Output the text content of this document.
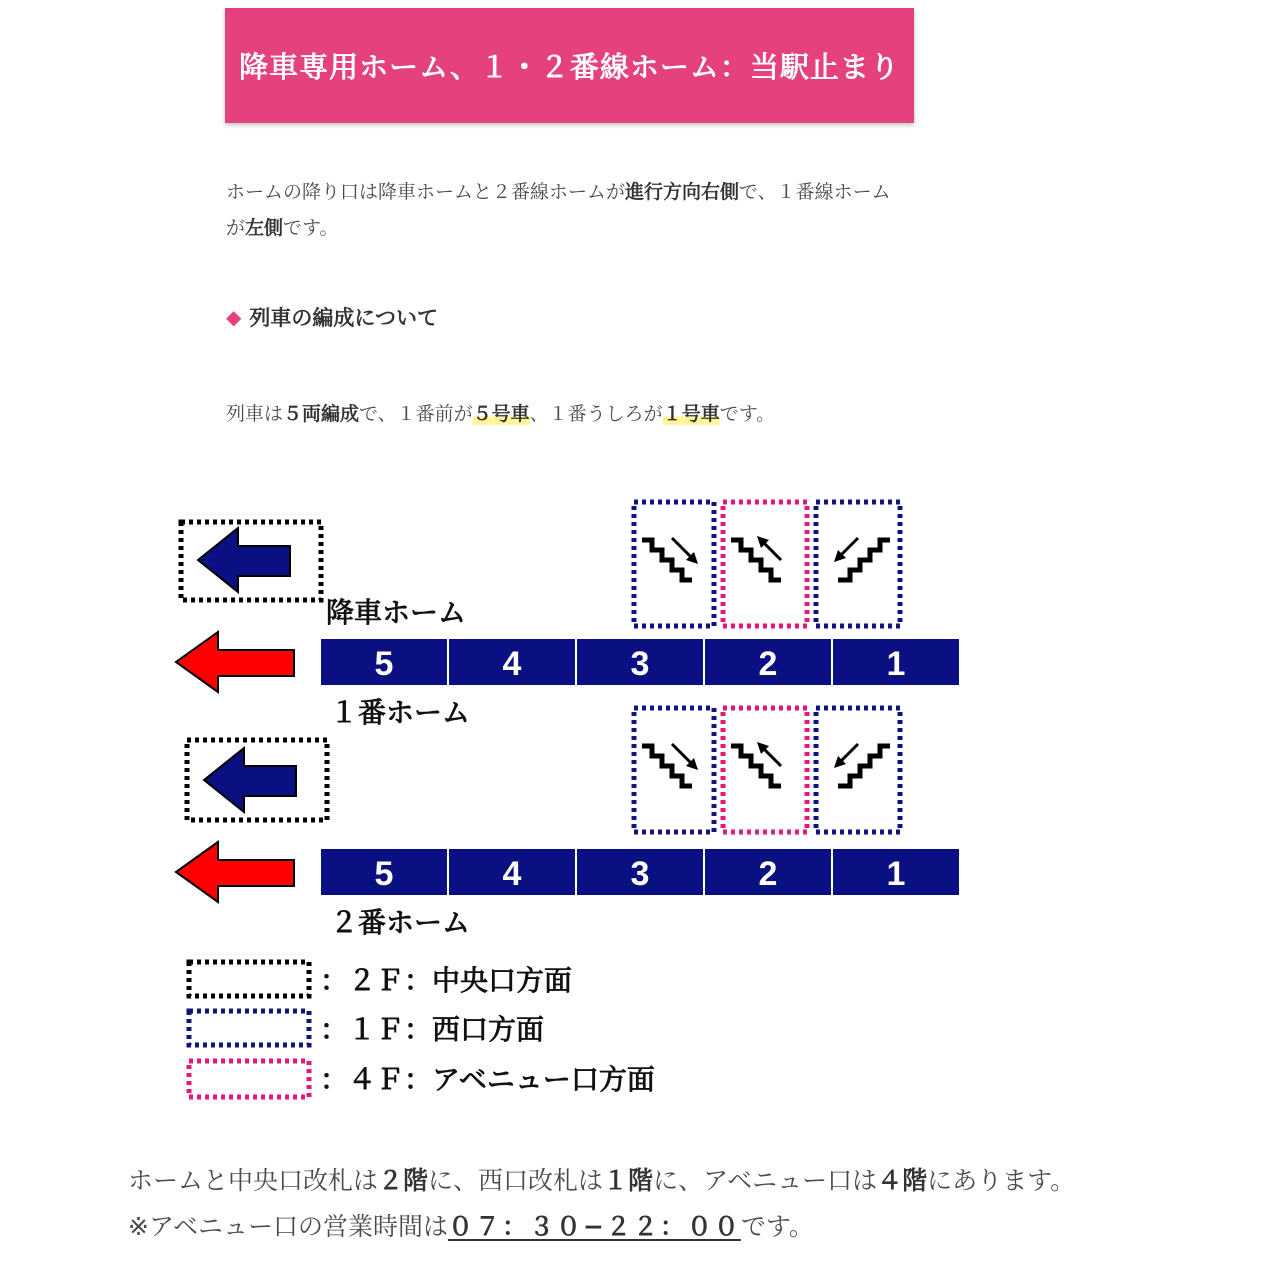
降車専用ホーム、１・２番線ホーム：当駅止まり
ホームの降り口は降車ホームと２番線ホームが進行方向右側で、１番線ホームが左側です。
◆ 列車の編成について
列車は５両編成で、１番前が５号車、１番うしろが１号車です。
降車ホーム
5	4	3	2	1
１番ホーム
5	4	3	2	1
２番ホーム
：２Ｆ：中央口方面
：１Ｆ：西口方面
：４Ｆ：アベニュー口方面
ホームと中央口改札は２階に、西口改札は１階に、アベニュー口は４階にあります。※アベニュー口の営業時間は０７：３０−２２：００です。
